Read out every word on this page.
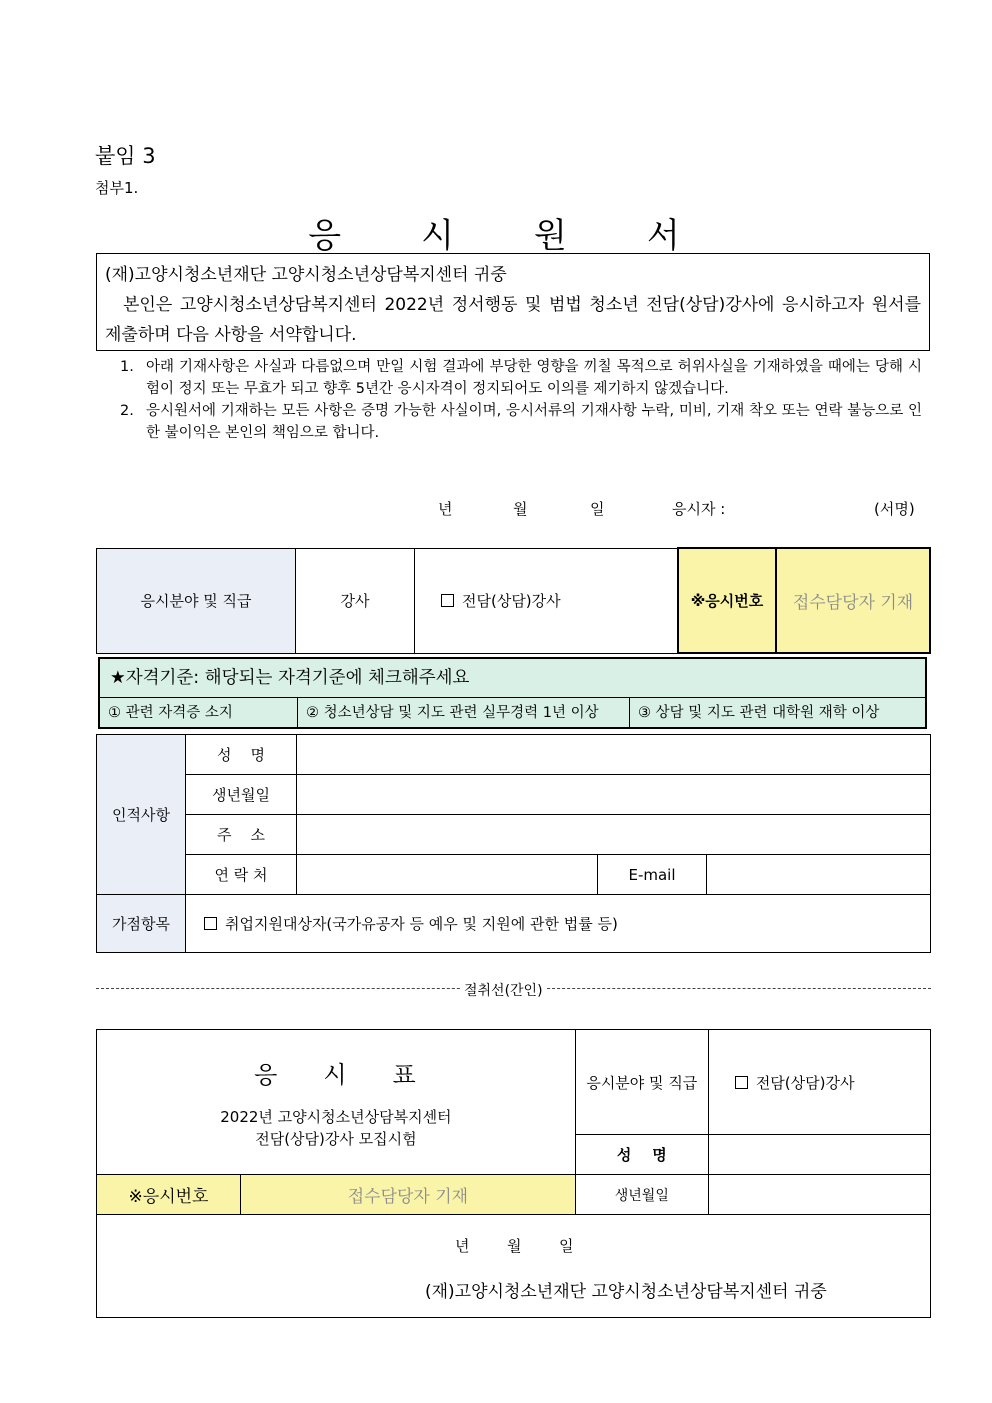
붙임 3
첨부1.
응 시 원 서
(재)고양시청소년재단 고양시청소년상담복지센터 귀중
본인은 고양시청소년상담복지센터 2022년 정서행동 및 범법 청소년 전담(상담)강사에 응시하고자 원서를 제출하며 다음 사항을 서약합니다.
1. 아래 기재사항은 사실과 다름없으며 만일 시험 결과에 부당한 영향을 끼칠 목적으로 허위사실을 기재하였을 때에는 당해 시험이 정지 또는 무효가 되고 향후 5년간 응시자격이 정지되어도 이의를 제기하지 않겠습니다.
2. 응시원서에 기재하는 모든 사항은 증명 가능한 사실이며, 응시서류의 기재사항 누락, 미비, 기재 착오 또는 연락 불능으로 인한 불이익은 본인의 책임으로 합니다.
년	월	일	응시자 :	(서명)
응시분야 및 직급	강사	전담(상담)강사	※응시번호	접수담당자 기재
★자격기준: 해당되는 자격기준에 체크해주세요
① 관련 자격증 소지	② 청소년상담 및 지도 관련 실무경력 1년 이상	③ 상담 및 지도 관련 대학원 재학 이상
인적사항	성    명			
	생년월일			
	주    소			
	연 락 처		E-mail	
가점항목	취업지원대상자(국가유공자 등 예우 및 지원에 관한 법률 등)			
절취선(간인)
응 시 표
2022년 고양시청소년상담복지센터
전담(상담)강사 모집시험		응시분야 및 직급	전담(상담)강사
		성    명	
※응시번호	접수담당자 기재	생년월일	

년 월 일
(재)고양시청소년재단 고양시청소년상담복지센터 귀중			
